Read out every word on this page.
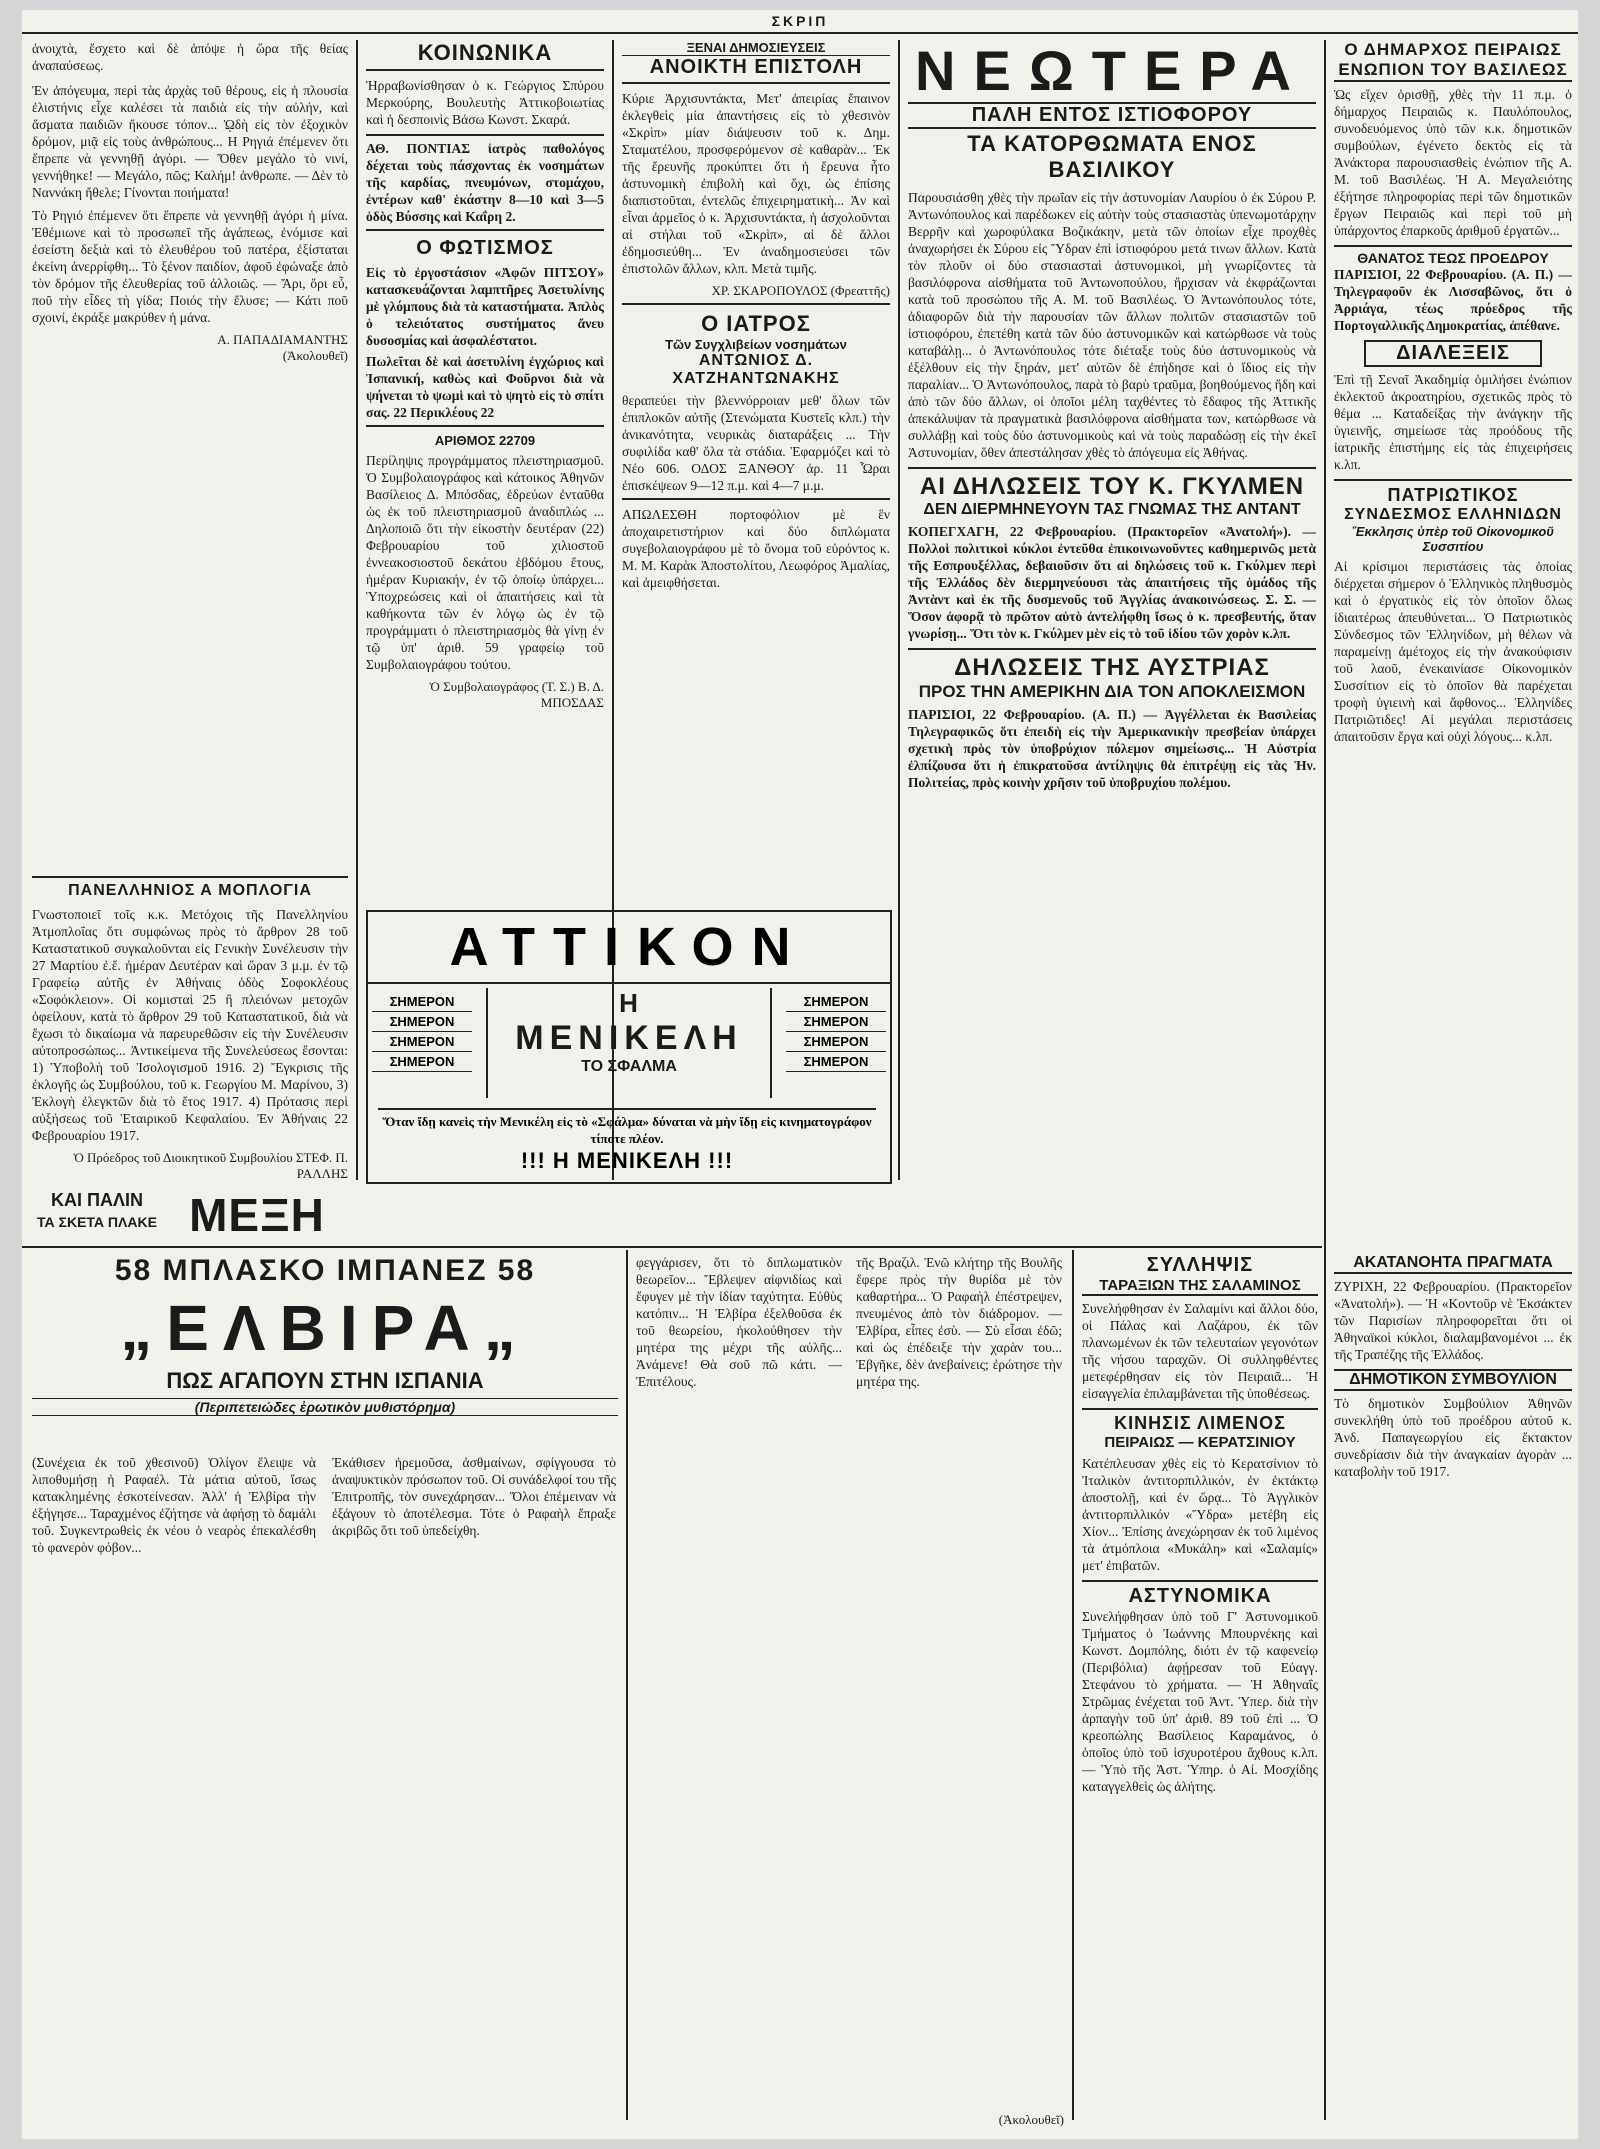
ΣΚΡΙΠ
ἀνοιχτὰ, ἔσχετο καὶ δὲ ἀπόψε ἡ ὥρα τῆς θείας ἀναπαύσεως.
Ἐν ἀπόγευμα, περὶ τὰς ἀρχὰς τοῦ θέρους, εἰς ἡ πλουσία ἐλιστήνις εἶχε καλέσει τὰ παιδιὰ εἰς τὴν αὐλήν, καὶ ἄσματα παιδιῶν ἤκουσε τόπον... ᾨδὴ εἰς τὸν ἐξοχικὸν δρόμον, μιᾷ εἰς τοὺς ἀνθρώπους... Η Ρηγιά ἐπέμενεν ὅτι ἔπρεπε νὰ γεννηθῇ ἀγόρι. — Ὄθεν μεγάλο τὸ νινί, γεννήθηκε! — Μεγάλο, πῶς; Καλήμ! ἀνθρωπε. — Δὲν τὸ Ναννάκη ἤθελε; Γίνονται ποιήματα!
Τὸ Ρηγιό ἐπέμενεν ὅτι ἔπρεπε νὰ γεννηθῇ ἀγόρι ἡ μίνα. Ἐθέμιωνε καὶ τὸ προσωπεῖ τῆς ἀγάπεως, ἐνόμισε καὶ ἐσείστη δεξιὰ καὶ τὸ ἐλευθέρου τοῦ πατέρα, ἐξίσταται ἐκείνη ἀνερρίφθη... Τὸ ξένον παιδίον, ἀφοῦ ἐφώναξε ἀπὸ τὸν δρόμον τῆς ἐλευθερίας τοῦ ἀλλοιῶς. — Ἄρι, ὅρι εὖ, ποῦ τὴν εἶδες τὴ γίδα; Ποιός τὴν ἔλυσε; — Κάτι ποῦ σχοινί, ἐκράξε μακρύθεν ἡ μάνα.
Α. ΠΑΠΑΔΙΑΜΑΝΤΗΣ
(Ἀκολουθεῖ)
ΠΑΝΕΛΛΗΝΙΟΣ Α ΜΟΠΛΟΓΙΑ
Γνωστοποιεῖ τοῖς κ.κ. Μετόχοις τῆς Πανελληνίου Ἀτμοπλοΐας ὅτι συμφώνως πρὸς τὸ ἄρθρον 28 τοῦ Καταστατικοῦ συγκαλοῦνται εἰς Γενικὴν Συνέλευσιν τὴν 27 Μαρτίου ἐ.ἔ. ἡμέραν Δευτέραν καὶ ὥραν 3 μ.μ. ἐν τῷ Γραφείῳ αὐτῆς ἐν Ἀθήναις ὁδὸς Σοφοκλέους «Σοφόκλειον». Οἱ κομισταὶ 25 ἢ πλειόνων μετοχῶν ὀφείλουν, κατὰ τὸ ἄρθρον 29 τοῦ Καταστατικοῦ, διὰ νὰ ἔχωσι τὸ δικαίωμα νὰ παρευρεθῶσιν εἰς τὴν Συνέλευσιν αὐτοπροσώπως... Ἀντικείμενα τῆς Συνελεύσεως ἔσονται: 1) Ὑποβολὴ τοῦ Ἰσολογισμοῦ 1916. 2) Ἔγκρισις τῆς ἐκλογῆς ὡς Συμβούλου, τοῦ κ. Γεωργίου Μ. Μαρίνου, 3) Ἐκλογὴ ἐλεγκτῶν διὰ τὸ ἔτος 1917. 4) Πρότασις περὶ αὐξήσεως τοῦ Ἑταιρικοῦ Κεφαλαίου. Ἐν Ἀθήναις 22 Φεβρουαρίου 1917.
Ὁ Πρόεδρος τοῦ Διοικητικοῦ Συμβουλίου ΣΤΕΦ. Π. ΡΑΛΛΗΣ
ΚΟΙΝΩΝΙΚΑ
Ἠρραβωνίσθησαν ὁ κ. Γεώργιος Σπύρου Μερκούρης, Βουλευτὴς Ἀττικοβοιωτίας καὶ ἡ δεσποινὶς Βάσω Κωνστ. Σκαρά.
ΑΘ. ΠΟΝΤΙΑΣ ἰατρὸς παθολόγος δέχεται τοὺς πάσχοντας ἐκ νοσημάτων τῆς καρδίας, πνευμόνων, στομάχου, ἐντέρων καθ' ἑκάστην 8—10 καὶ 3—5 ὁδὸς Βύσσης καὶ Καΐρη 2.
Ο ΦΩΤΙΣΜΟΣ
Εἰς τὸ ἐργοστάσιον «Ἀφῶν ΠΙΤΣΟΥ» κατασκευάζονται λαμπτῆρες Ἀσετυλίνης μὲ γλόμπους διὰ τὰ καταστήματα. Ἀπλὸς ὁ τελειότατος συστήματος ἄνευ δυσοσμίας καὶ ἀσφαλέστατοι.
Πωλεῖται δὲ καὶ ἀσετυλίνη ἐγχώριος καὶ Ἰσπανική, καθὼς καὶ Φοῦρνοι διὰ νὰ ψήνεται τὸ ψωμὶ καὶ τὸ ψητὸ εἰς τὸ σπίτι σας. 22 Περικλέους 22
ΑΡΙΘΜΟΣ 22709
Περίληψις προγράμματος πλειστηριασμοῦ. Ὁ Συμβολαιογράφος καὶ κάτοικος Ἀθηνῶν Βασίλειος Δ. Μπόσδας, ἑδρεύων ἐνταῦθα ὡς ἐκ τοῦ πλειστηριασμοῦ ἀναδιπλώς ... Δηλοποιῶ ὅτι τὴν εἰκοστὴν δευτέραν (22) Φεβρουαρίου τοῦ χιλιοστοῦ ἐννεακοσιοστοῦ δεκάτου ἑβδόμου ἔτους, ἡμέραν Κυριακήν, ἐν τῷ ὁποίῳ ὑπάρχει... Ὑποχρεώσεις καὶ οἱ ἀπαιτήσεις καὶ τὰ καθήκοντα τῶν ἐν λόγῳ ὡς ἐν τῷ προγράμματι ὁ πλειστηριασμὸς θὰ γίνῃ ἐν τῷ ὑπ' ἀριθ. 59 γραφείῳ τοῦ Συμβολαιογράφου τούτου.
Ὁ Συμβολαιογράφος (Τ. Σ.) Β. Δ. ΜΠΟΣΔΑΣ
ΞΕΝΑΙ ΔΗΜΟΣΙΕΥΣΕΙΣ
ΑΝΟΙΚΤΗ ΕΠΙΣΤΟΛΗ
Κύριε Ἀρχισυντάκτα, Μετ' ἀπειρίας ἔπαινον ἐκλεγθεὶς μία ἀπαντήσεις εἰς τὸ χθεσινὸν «Σκρὶπ» μίαν διάψευσιν τοῦ κ. Δημ. Σταματέλου, προσφερόμενον σὲ καθαρὰν... Ἐκ τῆς ἔρευνῆς προκύπτει ὅτι ἡ ἔρευνα ἦτο ἀστυνομικὴ ἐπιβολὴ καὶ ὄχι, ὡς ἐπίσης διαπιστοῦται, ἐντελῶς ἐπιχειρηματικὴ... Ἀν καὶ εἶναι ἀρμεῖος ὁ κ. Ἀρχισυντάκτα, ἡ ἀσχολοῦνται αἱ στήλαι τοῦ «Σκρὶπ», αἱ δὲ ἄλλοι ἐδημοσιεύθη... Ἐν ἀναδημοσιεύσει τῶν ἐπιστολῶν ἄλλων, κλπ. Μετὰ τιμῆς.
ΧΡ. ΣΚΑΡΟΠΟΥΛΟΣ (Φρεαττῆς)
Ο ΙΑΤΡΟΣ
Τῶν Συγχλιβείων νοσημάτων
ΑΝΤΩΝΙΟΣ Δ. ΧΑΤΖΗΑΝΤΩΝΑΚΗΣ
θεραπεύει τὴν βλεννόρροιαν μεθ' ὅλων τῶν ἐπιπλοκῶν αὐτῆς (Στενώματα Κυστεῖς κλπ.) τὴν ἀνικανότητα, νευρικὰς διαταράξεις ... Τὴν συφιλίδα καθ' ὅλα τὰ στάδια. Ἐφαρμόζει καὶ τὸ Νέο 606. ΟΔΟΣ ΞΑΝΘΟΥ ἀρ. 11 Ὧραι ἐπισκέψεων 9—12 π.μ. καὶ 4—7 μ.μ.
ΑΠΩΛΕΣΘΗ πορτοφόλιον μὲ ἓν ἀποχαιρετιστήριον καὶ δύο διπλώματα συγεβολαιογράφου μὲ τὸ ὄνομα τοῦ εὑρόντος κ. Μ. Μ. Καρὰκ Ἀποστολίτου, Λεωφόρος Ἀμαλίας, καὶ ἀμειφθήσεται.
ΝΕΩΤΕΡΑ
ΠΑΛΗ ΕΝΤΟΣ ΙΣΤΙΟΦΟΡΟΥ
ΤΑ ΚΑΤΟΡΘΩΜΑΤΑ ΕΝΟΣ ΒΑΣΙΛΙΚΟΥ
Παρουσιάσθη χθὲς τὴν πρωΐαν εἰς τὴν ἀστυνομίαν Λαυρίου ὁ ἐκ Σύρου Ρ. Ἀντωνόπουλος καὶ παρέδωκεν εἰς αὐτὴν τοὺς στασιαστὰς ὑπενωμοτάρχην Βερρῆν καὶ χωροφύλακα Βοζικάκην, μετὰ τῶν ὁποίων εἶχε προχθὲς ἀναχωρήσει ἐκ Σύρου εἰς Ὕδραν ἐπὶ ἱστιοφόρου μετά τινων ἄλλων. Κατὰ τὸν πλοῦν οἱ δύο στασιασταὶ ἀστυνομικοὶ, μὴ γνωρίζοντες τὰ βασιλόφρονα αἰσθήματα τοῦ Ἀντωνοπούλου, ἤρχισαν νὰ ἐκφράζωνται κατὰ τοῦ προσώπου τῆς Α. Μ. τοῦ Βασιλέως. Ὁ Ἀντωνόπουλος τότε, ἀδιαφορῶν διὰ τὴν παρουσίαν τῶν ἄλλων πολιτῶν στασιαστῶν τοῦ ἱστιοφόρου, ἐπετέθη κατὰ τῶν δύο ἀστυνομικῶν καὶ κατώρθωσε νὰ τοὺς καταβάλῃ... ὁ Ἀντωνόπουλος τότε διέταξε τοὺς δύο ἀστυνομικοὺς νὰ ἐξέλθουν εἰς τὴν ξηράν, μετ' αὐτῶν δὲ ἐπήδησε καὶ ὁ ἴδιος εἰς τὴν παραλίαν... Ὁ Ἀντωνόπουλος, παρὰ τὸ βαρὺ τραῦμα, βοηθούμενος ἤδη καὶ ἀπὸ τῶν δύο ἄλλων, οἱ ὁποῖοι μέλη ταχθέντες τὸ ἔδαφος τῆς Ἀττικῆς ἀπεκάλυψαν τὰ πραγματικὰ βασιλόφρονα αἰσθήματα των, κατώρθωσε νὰ συλλάβῃ καὶ τοὺς δύο ἀστυνομικοὺς καὶ νὰ τοὺς παραδώσῃ εἰς τὴν ἐκεῖ Ἀστυνομίαν, ὅθεν ἀπεστάλησαν χθὲς τὸ ἀπόγευμα εἰς Ἀθήνας.
ΑΙ ΔΗΛΩΣΕΙΣ ΤΟΥ Κ. ΓΚΥΛΜΕΝ
ΔΕΝ ΔΙΕΡΜΗΝΕΥΟΥΝ ΤΑΣ ΓΝΩΜΑΣ ΤΗΣ ΑΝΤΑΝΤ
ΚΟΠΕΓΧΑΓΗ, 22 Φεβρουαρίου. (Πρακτορεῖον «Ἀνατολή»). — Πολλοὶ πολιτικοὶ κύκλοι ἐντεῦθα ἐπικοινωνοῦντες καθημερινῶς μετὰ τῆς Εσπρουξέλλας, δεβαιοῦσιν ὅτι αἱ δηλώσεις τοῦ κ. Γκύλμεν περὶ τῆς Ἑλλάδος δὲν διερμηνεύουσι τὰς ἀπαιτήσεις τῆς ὁμάδος τῆς Ἀντὰντ καὶ ἐκ τῆς δυσμενοῦς τοῦ Ἀγγλίας ἀνακοινώσεως. Σ. Σ. — Ὅσον ἀφορᾷ τὸ πρῶτον αὐτὸ ἀντελήφθη ἴσως ὁ κ. πρεσβευτής, ὅταν γνωρίσῃ... Ὅτι τὸν κ. Γκύλμεν μὲν εἰς τὸ τοῦ ἰδίου τῶν χορὸν κ.λπ.
ΔΗΛΩΣΕΙΣ ΤΗΣ ΑΥΣΤΡΙΑΣ
ΠΡΟΣ ΤΗΝ ΑΜΕΡΙΚΗΝ ΔΙΑ ΤΟΝ ΑΠΟΚΛΕΙΣΜΟΝ
ΠΑΡΙΣΙΟΙ, 22 Φεβρουαρίου. (Α. Π.) — Ἀγγέλλεται ἐκ Βασιλείας Τηλεγραφικῶς ὅτι ἐπειδὴ εἰς τὴν Ἀμερικανικὴν πρεσβείαν ὑπάρχει σχετικὴ πρὸς τὸν ὑποβρύχιον πόλεμον σημείωσις... Ἡ Αὐστρία ἐλπίζουσα ὅτι ἡ ἐπικρατοῦσα ἀντίληψις θὰ ἐπιτρέψῃ εἰς τὰς Ἡν. Πολιτείας, πρὸς κοινὴν χρῆσιν τοῦ ὑποβρυχίου πολέμου.
Ο ΔΗΜΑΡΧΟΣ ΠΕΙΡΑΙΩΣ
ΕΝΩΠΙΟΝ ΤΟΥ ΒΑΣΙΛΕΩΣ
Ὡς εἴχεν ὁρισθῇ, χθὲς τὴν 11 π.μ. ὁ δήμαρχος Πειραιῶς κ. Παυλόπουλος, συνοδευόμενος ὑπὸ τῶν κ.κ. δημοτικῶν συμβούλων, ἐγένετο δεκτὸς εἰς τὰ Ἀνάκτορα παρουσιασθεὶς ἐνώπιον τῆς Α. Μ. τοῦ Βασιλέως. Ἡ Α. Μεγαλειότης ἐξήτησε πληροφορίας περὶ τῶν δημοτικῶν ἔργων Πειραιῶς καὶ περὶ τοῦ μὴ ὑπάρχοντος ἐπαρκοῦς ἀριθμοῦ ἐργατῶν...
ΘΑΝΑΤΟΣ ΤΕΩΣ ΠΡΟΕΔΡΟΥ
ΠΑΡΙΣΙΟΙ, 22 Φεβρουαρίου. (Α. Π.) — Τηλεγραφοῦν ἐκ Λισσαβῶνος, ὅτι ὁ Ἀρριάγα, τέως πρόεδρος τῆς Πορτογαλλικῆς Δημοκρατίας, ἀπέθανε.
ΔΙΑΛΕΞΕΙΣ
Ἐπὶ τῇ Σεναῖ Ἀκαδημίᾳ ὁμιλήσει ἐνώπιον ἐκλεκτοῦ ἀκροατηρίου, σχετικῶς πρὸς τὸ θέμα ... Καταδείξας τὴν ἀνάγκην τῆς ὑγιεινῆς, σημείωσε τὰς προόδους τῆς ἰατρικῆς ἐπιστήμης εἰς τὰς ἐπιχειρήσεις κ.λπ.
ΠΑΤΡΙΩΤΙΚΟΣ
ΣΥΝΔΕΣΜΟΣ ΕΛΛΗΝΙΔΩΝ
Ἔκκλησις ὑπὲρ τοῦ Οἰκονομικοῦ Συσσιτίου
Αἱ κρίσιμοι περιστάσεις τὰς ὁποίας διέρχεται σήμερον ὁ Ἑλληνικὸς πληθυσμὸς καὶ ὁ ἐργατικὸς εἰς τὸν ὁποῖον ὅλως ἰδιαιτέρως ἀπευθύνεται... Ὁ Πατριωτικὸς Σύνδεσμος τῶν Ἑλληνίδων, μὴ θέλων νὰ παραμείνῃ ἀμέτοχος εἰς τὴν ἀνακούφισιν τοῦ λαοῦ, ἐνεκαινίασε Οἰκονομικὸν Συσσίτιον εἰς τὸ ὁποῖον θὰ παρέχεται τροφὴ ὑγιεινὴ καὶ ἄφθονος... Ἑλληνίδες Πατριῶτιδες! Αἱ μεγάλαι περιστάσεις ἀπαιτοῦσιν ἔργα καὶ οὐχὶ λόγους... κ.λπ.
ΑΤΤΙΚΟΝ
ΣΗΜΕΡΟΝ
ΣΗΜΕΡΟΝ
ΣΗΜΕΡΟΝ
ΣΗΜΕΡΟΝ
ΣΗΜΕΡΟΝ
ΣΗΜΕΡΟΝ
ΣΗΜΕΡΟΝ
ΣΗΜΕΡΟΝ
Η
ΜΕΝΙΚΕΛΗ
ΤΟ ΣΦΑΛΜΑ
Ὅταν ἴδῃ κανεὶς τὴν Μενικέλη εἰς τὸ «Σφάλμα» δύναται νὰ μὴν ἴδῃ εἰς κινηματογράφον τίποτε πλέον.
!!! Η ΜΕΝΙΚΕΛΗ !!!
ΚΑΙ ΠΑΛΙΝ
ΤΑ ΣΚΕΤΑ ΠΛΑΚΕ ΜΕΞΗ
58 ΜΠΛΑΣΚΟ ΙΜΠΑΝΕΖ 58
„ΕΛΒΙΡΑ„
ΠΩΣ ΑΓΑΠΟΥΝ ΣΤΗΝ ΙΣΠΑΝΙΑ
(Περιπετειώδες ἐρωτικὸν μυθιστόρημα)
(Συνέχεια ἐκ τοῦ χθεσινοῦ) Ὀλίγον ἔλειψε νὰ λιποθυμήσῃ ἡ Ραφαέλ. Τὰ μάτια αὐτοῦ, ἴσως κατακλημένης ἐσκοτείνεσαν. Ἀλλ' ἡ Ἐλβίρα τὴν ἐξήγησε... Ταραχμένος ἐζήτησε νὰ ἀφήσῃ τὸ δαμάλι τοῦ. Συγκεντρωθεὶς ἐκ νέου ὁ νεαρὸς ἐπεκαλέσθη τὸ φανερὸν φόβον...
Ἐκάθισεν ἠρεμοῦσα, ἀσθμαίνων, σφίγγουσα τὸ ἀναψυκτικὸν πρόσωπον τοῦ. Οἱ συνάδελφοί του τῆς Ἐπιτροπῆς, τὸν συνεχάρησαν... Ὅλοι ἐπέμειναν νὰ ἐξάγουν τὸ ἀποτέλεσμα. Τότε ὁ Ραφαὴλ ἔπραξε ἀκριβῶς ὅτι τοῦ ὑπεδείχθη.
φεγγάρισεν, ὅτι τὸ διπλωματικὸν θεωρεῖον... Ἔβλεψεν αἰφνιδίως καὶ ἔφυγεν μὲ τὴν ἰδίαν ταχύτητα. Εὐθὺς κατόπιν... Ἡ Ἐλβίρα ἐξελθοῦσα ἐκ τοῦ θεωρείου, ἠκολούθησεν τὴν μητέρα της μέχρι τῆς αὐλῆς... Ἀνάμενε! Θὰ σοῦ πῶ κάτι. — Ἐπιτέλους.
τῆς Βραζιλ. Ἐνῶ κλήτηρ τῆς Βουλῆς ἔφερε πρὸς τὴν θυρίδα μὲ τὸν καθαρτήρα... Ὁ Ραφαὴλ ἐπέστρεψεν, πνευμένος ἀπὸ τὸν διάδρομον. — Ἐλβίρα, εἶπες ἐσὺ. — Σὺ εἶσαι ἐδῶ; καὶ ὡς ἐπέδειξε τὴν χαρὰν του... Ἐβγῆκε, δὲν ἀνεβαίνεις; ἐρώτησε τὴν μητέρα της.
(Ἀκολουθεῖ)
ΣΥΛΛΗΨΙΣ
ΤΑΡΑΞΙΩΝ ΤΗΣ ΣΑΛΑΜΙΝΟΣ
Συνελήφθησαν ἐν Σαλαμίνι καὶ ἄλλοι δύο, οἱ Πάλας καὶ Λαζάρου, ἐκ τῶν πλανωμένων ἐκ τῶν τελευταίων γεγονότων τῆς νήσου ταραχῶν. Οἱ συλληφθέντες μετεφέρθησαν εἰς τὸν Πειραιᾶ... Ἡ εἰσαγγελία ἐπιλαμβάνεται τῆς ὑποθέσεως.
ΚΙΝΗΣΙΣ ΛΙΜΕΝΟΣ
ΠΕΙΡΑΙΩΣ — ΚΕΡΑΤΣΙΝΙΟΥ
Κατέπλευσαν χθὲς εἰς τὸ Κερατσίνιον τὸ Ἰταλικὸν ἀντιτορπιλλικόν, ἐν ἐκτάκτῳ ἀποστολῇ, καὶ ἐν ὥρᾳ... Τὸ Ἀγγλικὸν ἀντιτορπιλλικόν «Ὕδρα» μετέβη εἰς Χίον... Ἐπίσης ἀνεχώρησαν ἐκ τοῦ λιμένος τὰ ἀτμόπλοια «Μυκάλη» καὶ «Σαλαμίς» μετ' ἐπιβατῶν.
ΑΣΤΥΝΟΜΙΚΑ
Συνελήφθησαν ὑπὸ τοῦ Γ' Ἀστυνομικοῦ Τμήματος ὁ Ἰωάννης Μπουρνέκης καὶ Κωνστ. Δομπόλης, διότι ἐν τῷ καφενείῳ (Περιβόλια) ἀφῄρεσαν τοῦ Εὐαγγ. Στεφάνου τὸ χρήματα. — Ἡ Ἀθηναΐς Στρῶμας ἐνέχεται τοῦ Ἀντ. Ὑπερ. διὰ τὴν ἁρπαγὴν τοῦ ὑπ' ἀριθ. 89 τοῦ ἐπὶ ... Ὁ κρεοπώλης Βασίλειος Καραμάνος, ὁ ὁποῖος ὑπὸ τοῦ ἰσχυροτέρου ἄχθους κ.λπ. — Ὑπὸ τῆς Ἀστ. Ὑπηρ. ὁ Αἰ. Μοσχίδης καταγγελθεὶς ὡς ἀλήτης.
ΑΚΑΤΑΝΟΗΤΑ ΠΡΑΓΜΑΤΑ
ΖΥΡΙΧΗ, 22 Φεβρουαρίου. (Πρακτορεῖον «Ἀνατολή»). — Ἡ «Κοντοῦρ νὲ Ἐκσάκτεν τῶν Παρισίων πληροφορεῖται ὅτι οἱ Ἀθηναϊκοὶ κύκλοι, διαλαμβανομένοι ... ἐκ τῆς Τραπέζης τῆς Ἑλλάδος.
ΔΗΜΟΤΙΚΟΝ ΣΥΜΒΟΥΛΙΟΝ
Τὸ δημοτικὸν Συμβούλιον Ἀθηνῶν συνεκλήθη ὑπὸ τοῦ προέδρου αὐτοῦ κ. Ἀνδ. Παπαγεωργίου εἰς ἔκτακτον συνεδρίασιν διὰ τὴν ἀναγκαίαν ἀγορὰν ... καταβολὴν τοῦ 1917.
